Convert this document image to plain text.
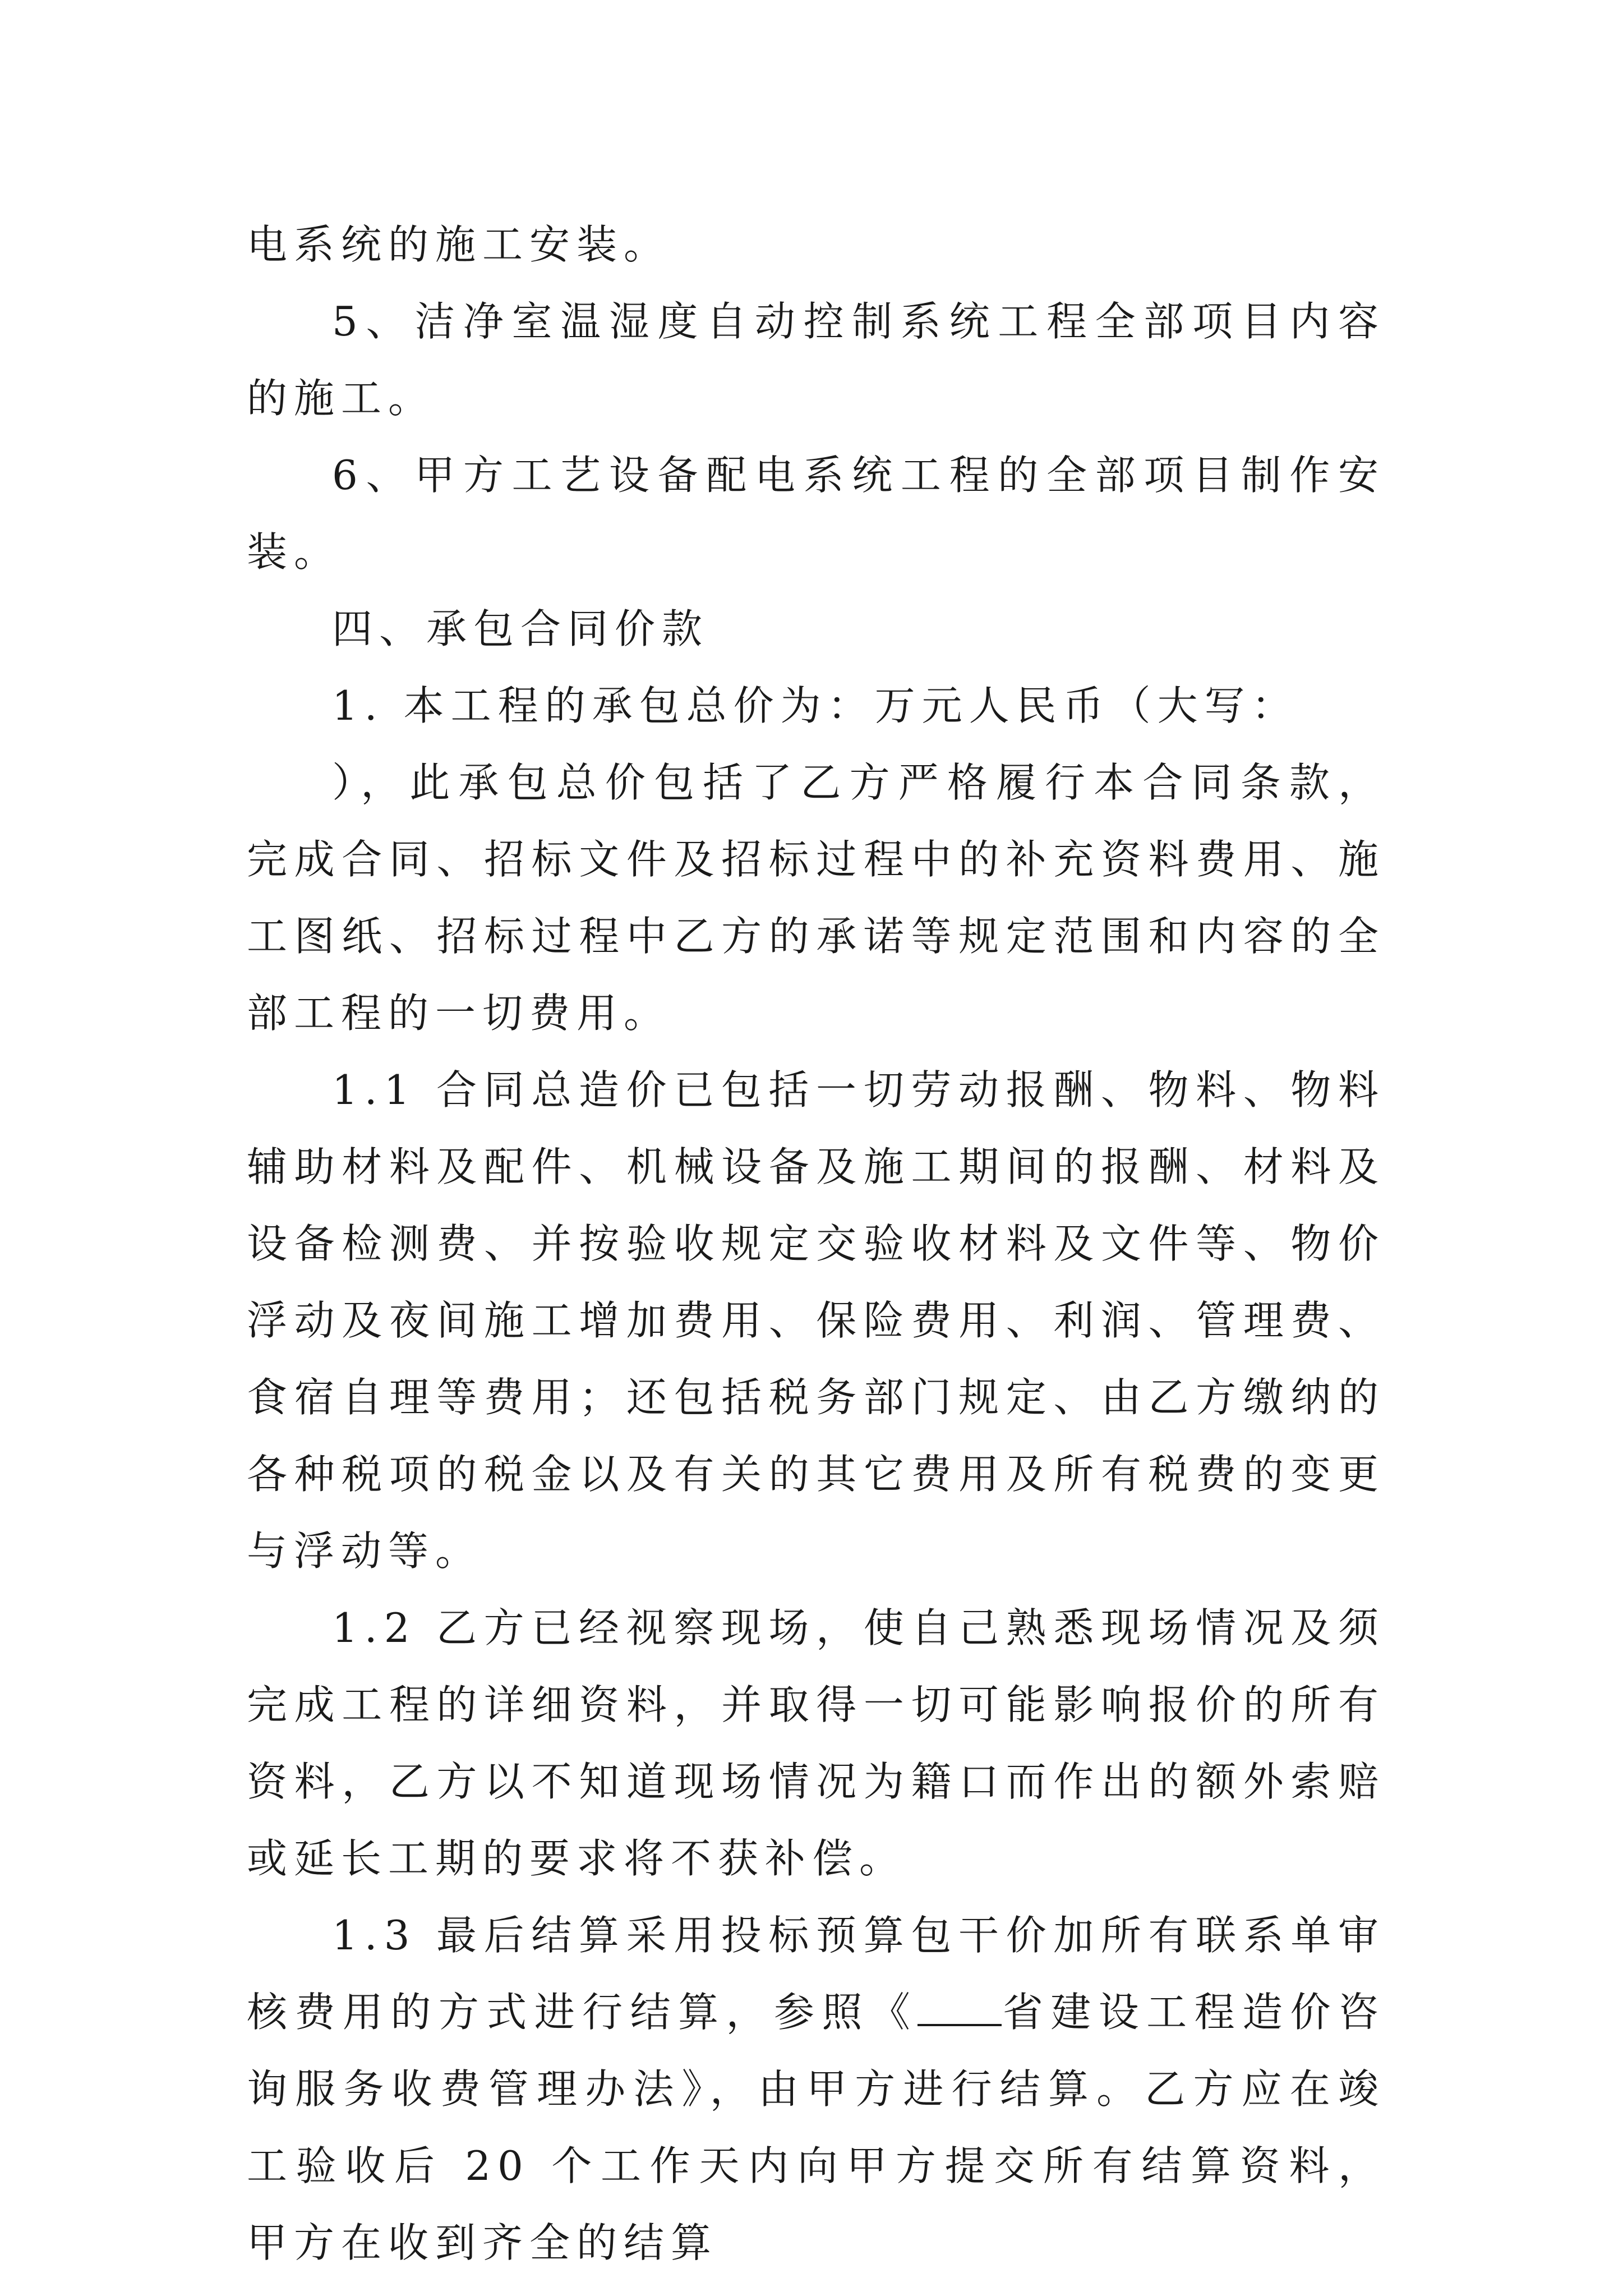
电系统的施工安装。

5、洁净室温湿度自动控制系统工程全部项目内容的施工。

6、甲方工艺设备配电系统工程的全部项目制作安装。

四、承包合同价款

1. 本工程的承包总价为：万元人民币（大写：

），此承包总价包括了乙方严格履行本合同条款，完成合同、招标文件及招标过程中的补充资料费用、施工图纸、招标过程中乙方的承诺等规定范围和内容的全部工程的一切费用。

1.1 合同总造价已包括一切劳动报酬、物料、物料辅助材料及配件、机械设备及施工期间的报酬、材料及设备检测费、并按验收规定交验收材料及文件等、物价浮动及夜间施工增加费用、保险费用、利润、管理费、食宿自理等费用；还包括税务部门规定、由乙方缴纳的各种税项的税金以及有关的其它费用及所有税费的变更与浮动等。

1.2 乙方已经视察现场，使自己熟悉现场情况及须完成工程的详细资料，并取得一切可能影响报价的所有资料，乙方以不知道现场情况为籍口而作出的额外索赔或延长工期的要求将不获补偿。

1.3 最后结算采用投标预算包干价加所有联系单审核费用的方式进行结算，参照《 省建设工程造价咨询服务收费管理办法》，由甲方进行结算。乙方应在竣工验收后 20 个工作天内向甲方提交所有结算资料，甲方在收到齐全的结算
